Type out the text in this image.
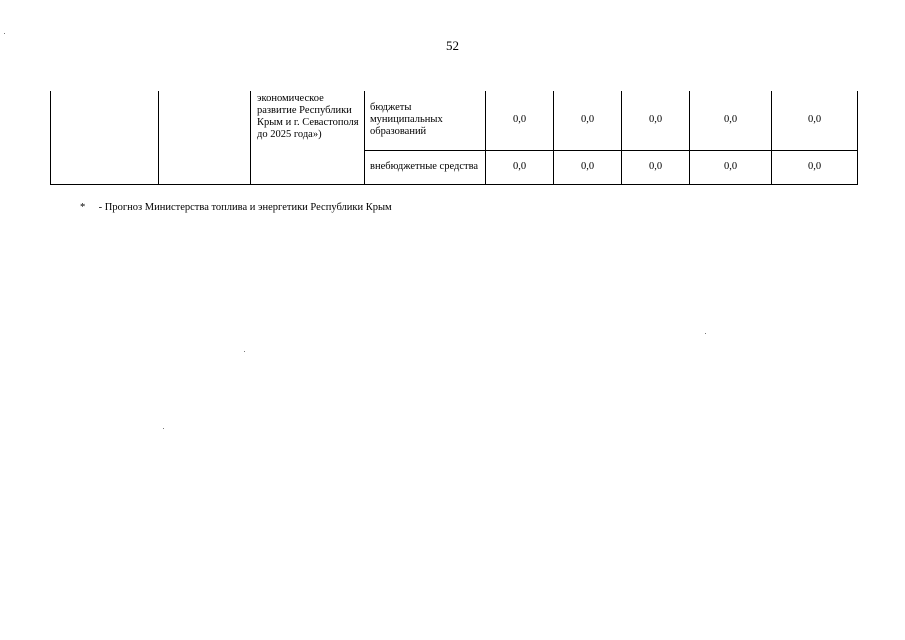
52
		экономическое развитие Республики Крым и г. Севастополя до 2025 года»)	бюджеты муниципальных образований	0,0	0,0	0,0	0,0	0,0
			внебюджетные средства	0,0	0,0	0,0	0,0	0,0
* - Прогноз Министерства топлива и энергетики Республики Крым
